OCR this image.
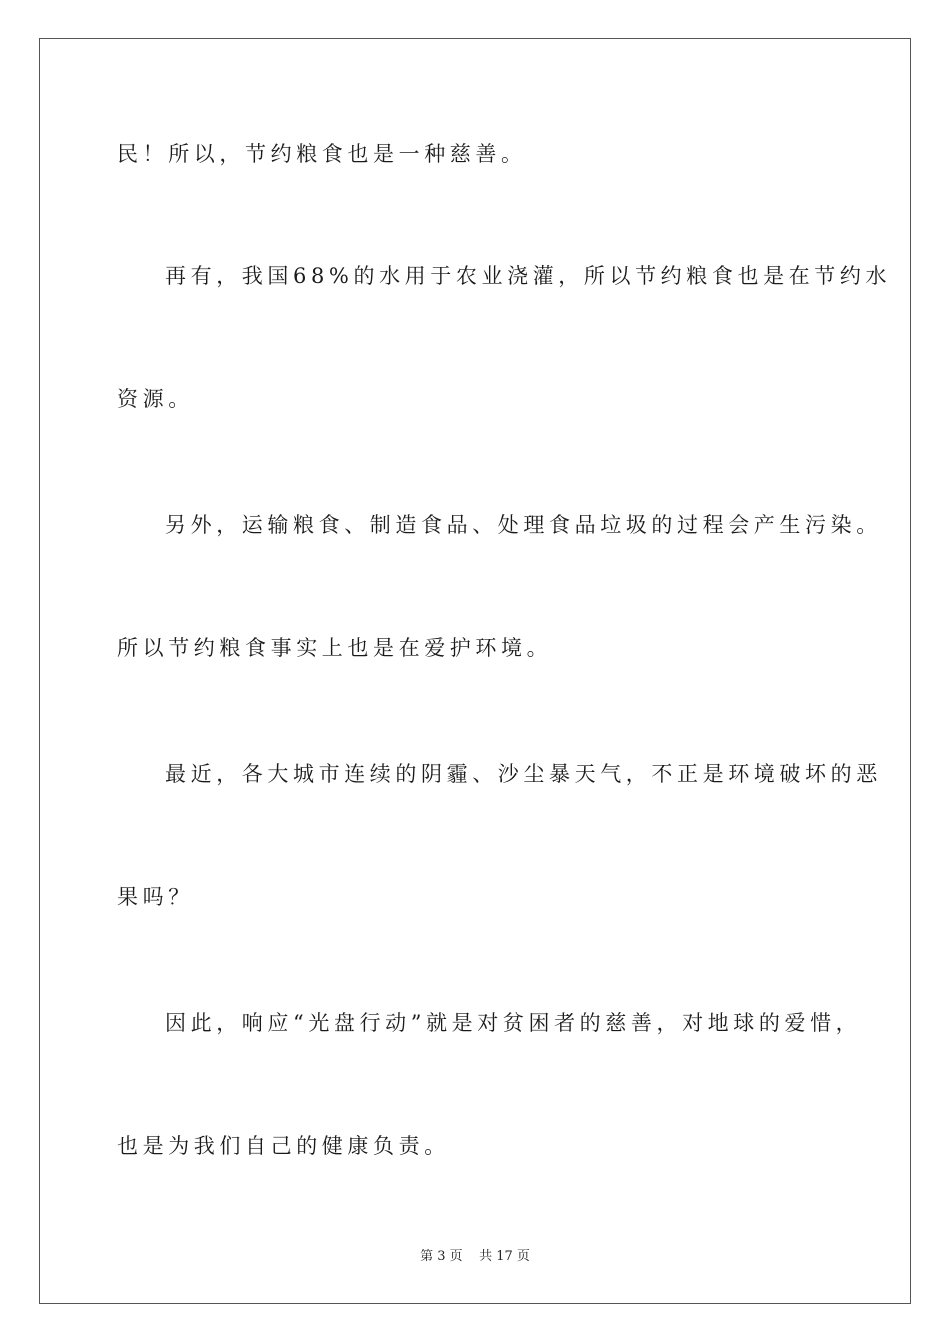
民！所以，节约粮食也是一种慈善。
再有，我国68%的水用于农业浇灌，所以节约粮食也是在节约水
资源。
另外，运输粮食、制造食品、处理食品垃圾的过程会产生污染。
所以节约粮食事实上也是在爱护环境。
最近，各大城市连续的阴霾、沙尘暴天气，不正是环境破坏的恶
果吗？
因此，响应“光盘行动”就是对贫困者的慈善，对地球的爱惜，
也是为我们自己的健康负责。
第 3 页    共 17 页
